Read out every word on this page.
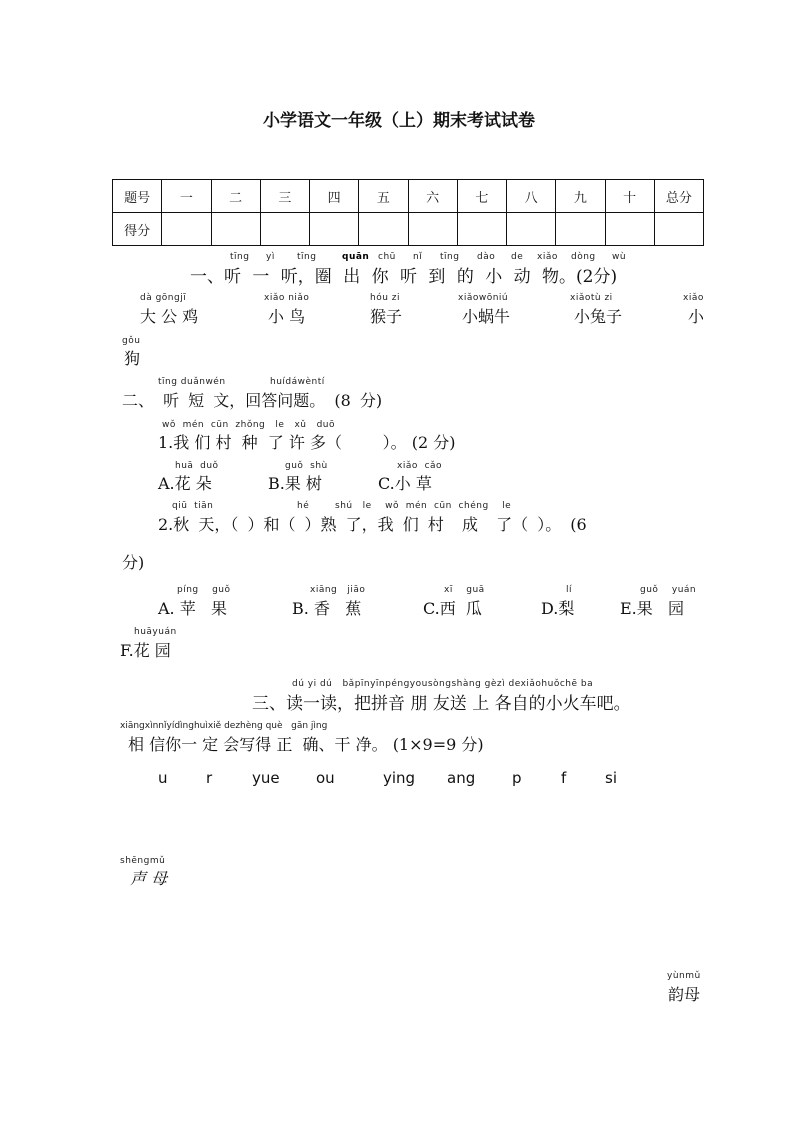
小学语文一年级（上）期末考试试卷
题号	一	二	三	四	五	六	七	八	九	十	总分
得分											
tīng yì tīng	quān chū nǐ tīng dào de xiǎo dòng wù
一、听 一 听，圈 出 你 听 到 的 小 动 物。(2分)
dà gōngjī
大 公 鸡
xiǎo niǎo
小 鸟
hóu zi
猴子
xiǎowōniú
小蜗牛
xiǎotù zi
小兔子
xiǎo
小
gǒu
狗
tīng duǎnwén	huídáwèntí
二、 听 短 文，回答问题。 (8 分)
wǒ  mén  cūn  zhǒng   le   xǔ   duō
1.我 们 村  种  了 许 多（        ）。 (2 分)
huā  duǒ
A.花 朵
guǒ  shù
B.果 树
xiǎo  cǎo
C.小 草
qiū  tiān	hé	shú   le    wǒ  mén  cūn  chéng    le
2.秋 天，（ ）和（ ）熟 了，我 们 村  成  了（ ）。 (6
分)
píng    guǒ
A. 苹   果
xiāng   jiāo
B. 香   蕉
xī    guā
C.西  瓜
lí
D.梨
guǒ    yuán
E.果   园
huāyuán
F.花 园
dú yi dú   bǎpīnyīnpéngyousòngshàng gèzì dexiǎohuǒchē ba
三、读一读，把拼音 朋 友送 上 各自的小火车吧。
xiāngxìnnǐyídìnghuìxiě dezhèng què   gān jìng
相 信你一 定 会写得 正  确、干 净。 (1×9=9 分)
u	r	yue ou	ying ang p	f	si
shēngmǔ
声 母
yùnmǔ
韵母
